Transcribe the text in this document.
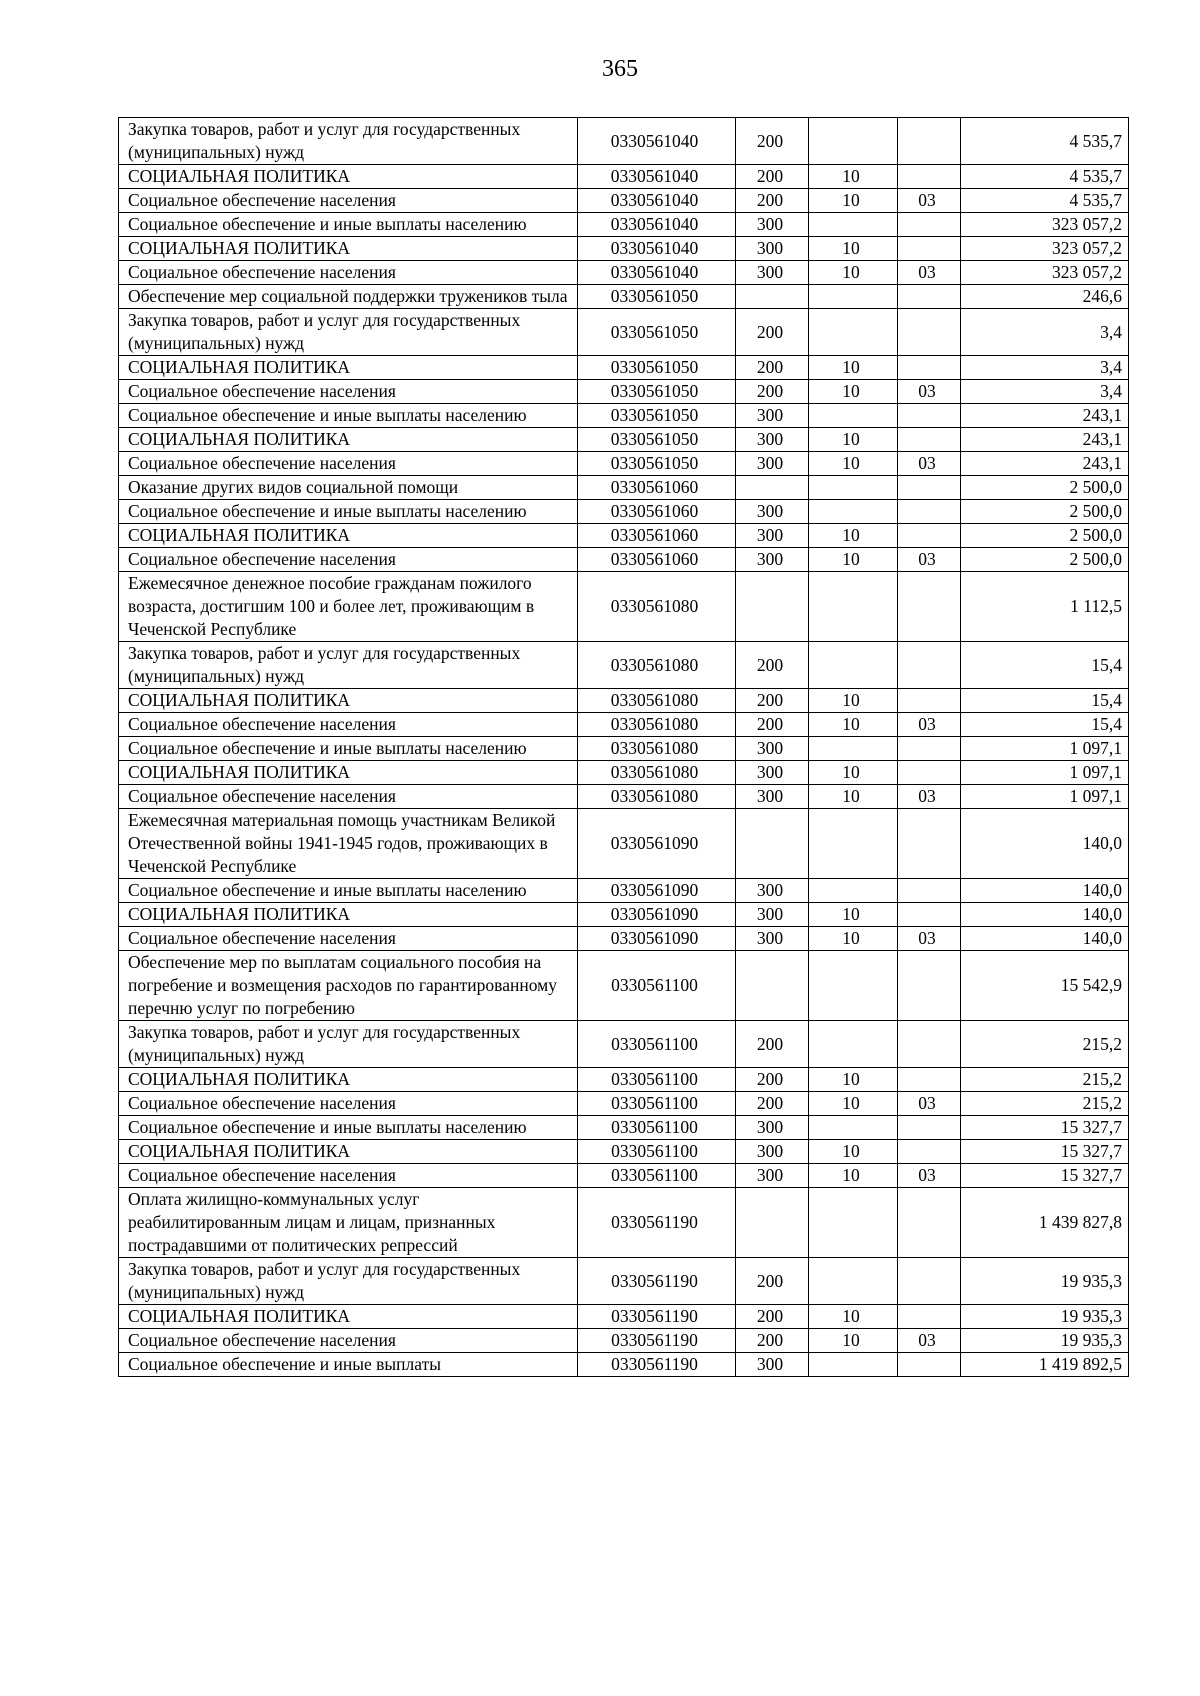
365
Закупка товаров, работ и услуг для государственных (муниципальных) нужд	0330561040	200			4 535,7
СОЦИАЛЬНАЯ ПОЛИТИКА	0330561040	200	10		4 535,7
Социальное обеспечение населения	0330561040	200	10	03	4 535,7
Социальное обеспечение и иные выплаты населению	0330561040	300			323 057,2
СОЦИАЛЬНАЯ ПОЛИТИКА	0330561040	300	10		323 057,2
Социальное обеспечение населения	0330561040	300	10	03	323 057,2
Обеспечение мер социальной поддержки тружеников тыла	0330561050				246,6
Закупка товаров, работ и услуг для государственных (муниципальных) нужд	0330561050	200			3,4
СОЦИАЛЬНАЯ ПОЛИТИКА	0330561050	200	10		3,4
Социальное обеспечение населения	0330561050	200	10	03	3,4
Социальное обеспечение и иные выплаты населению	0330561050	300			243,1
СОЦИАЛЬНАЯ ПОЛИТИКА	0330561050	300	10		243,1
Социальное обеспечение населения	0330561050	300	10	03	243,1
Оказание других видов социальной помощи	0330561060				2 500,0
Социальное обеспечение и иные выплаты населению	0330561060	300			2 500,0
СОЦИАЛЬНАЯ ПОЛИТИКА	0330561060	300	10		2 500,0
Социальное обеспечение населения	0330561060	300	10	03	2 500,0
Ежемесячное денежное пособие гражданам пожилого возраста, достигшим 100 и более лет, проживающим в Чеченской Республике	0330561080				1 112,5
Закупка товаров, работ и услуг для государственных (муниципальных) нужд	0330561080	200			15,4
СОЦИАЛЬНАЯ ПОЛИТИКА	0330561080	200	10		15,4
Социальное обеспечение населения	0330561080	200	10	03	15,4
Социальное обеспечение и иные выплаты населению	0330561080	300			1 097,1
СОЦИАЛЬНАЯ ПОЛИТИКА	0330561080	300	10		1 097,1
Социальное обеспечение населения	0330561080	300	10	03	1 097,1
Ежемесячная материальная помощь участникам Великой Отечественной войны 1941-1945 годов, проживающих в Чеченской Республике	0330561090				140,0
Социальное обеспечение и иные выплаты населению	0330561090	300			140,0
СОЦИАЛЬНАЯ ПОЛИТИКА	0330561090	300	10		140,0
Социальное обеспечение населения	0330561090	300	10	03	140,0
Обеспечение мер по выплатам социального пособия на погребение и возмещения расходов по гарантированному перечню услуг по погребению	0330561100				15 542,9
Закупка товаров, работ и услуг для государственных (муниципальных) нужд	0330561100	200			215,2
СОЦИАЛЬНАЯ ПОЛИТИКА	0330561100	200	10		215,2
Социальное обеспечение населения	0330561100	200	10	03	215,2
Социальное обеспечение и иные выплаты населению	0330561100	300			15 327,7
СОЦИАЛЬНАЯ ПОЛИТИКА	0330561100	300	10		15 327,7
Социальное обеспечение населения	0330561100	300	10	03	15 327,7
Оплата жилищно-коммунальных услуг реабилитированным лицам и лицам, признанных пострадавшими от политических репрессий	0330561190				1 439 827,8
Закупка товаров, работ и услуг для государственных (муниципальных) нужд	0330561190	200			19 935,3
СОЦИАЛЬНАЯ ПОЛИТИКА	0330561190	200	10		19 935,3
Социальное обеспечение населения	0330561190	200	10	03	19 935,3
Социальное обеспечение и иные выплаты	0330561190	300			1 419 892,5
